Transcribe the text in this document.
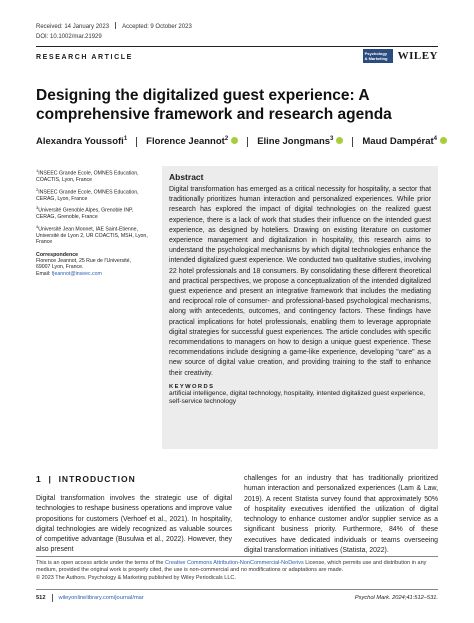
Received: 14 January 2023 Accepted: 9 October 2023
DOI: 10.1002/mar.21929
RESEARCH ARTICLE
Psychology & Marketing WILEY
Designing the digitalized guest experience: A comprehensive framework and research agenda
Alexandra Youssofi$^1$ Florence Jeannot$^2$	Eline Jongmans$^3$	Maud Dampérat$^4$

$^1$INSEEC Grande Ecole, OMNES Education, COACTIS, Lyon, France

$^2$INSEEC Grande Ecole, OMNES Education, CERAG, Lyon, France

$^3$Université Grenoble Alpes, Grenoble INP, CERAG, Grenoble, France

$^4$Université Jean Monnet, IAE Saint-Etienne, Université de Lyon 2, UR COACTIS, MSH, Lyon, France

Correspondence
Florence Jeannot, 25 Rue de l'Université,
69007 Lyon, France.
Email: fjeannot@inseec.com
Abstract
Digital transformation has emerged as a critical necessity for hospitality, a sector that traditionally prioritizes human interaction and personalized experiences. While prior research has explored the impact of digital technologies on the realized guest experience, there is a lack of work that studies their influence on the intended guest experience, as designed by hoteliers. Drawing on existing literature on customer experience management and digitalization in hospitality, this research aims to understand the psychological mechanisms by which digital technologies enhance the intended digitalized guest experience. We conducted two qualitative studies, involving 22 hotel professionals and 18 consumers. By consolidating these different theoretical and practical perspectives, we propose a conceptualization of the intended digitalized guest experience and present an integrative framework that includes the mediating and reciprocal role of consumer- and professional-based psychological mechanisms, along with antecedents, outcomes, and contingency factors. These findings have practical implications for hotel professionals, enabling them to leverage appropriate digital strategies for successful guest experiences. The article concludes with specific recommendations to managers on how to design a unique guest experience. These recommendations include designing a game-like experience, developing "care" as a new source of digital value creation, and providing training to the staff to enhance their creativity.
KEYWORDS
artificial intelligence, digital technology, hospitality, intented digitalized guest experience, self-service technology
1  |  INTRODUCTION
Digital transformation involves the strategic use of digital technologies to reshape business operations and improve value propositions for customers (Verhoef et al., 2021). In hospitality, digital technologies are widely recognized as valuable sources of competitive advantage (Busulwa et al., 2022). However, they also present
challenges for an industry that has traditionally prioritized human interaction and personalized experiences (Lam & Law, 2019). A recent Statista survey found that approximately 50% of hospitality executives identified the utilization of digital technology to enhance customer and/or supplier service as a significant business priority. Furthermore, 84% of these executives have dedicated individuals or teams overseeing digital transformation initiatives (Statista, 2022).
This is an open access article under the terms of the Creative Commons Attribution-NonCommercial-NoDerivs License, which permits use and distribution in any medium, provided the original work is properly cited, the use is non-commercial and no modifications or adaptations are made.
© 2023 The Authors. Psychology & Marketing published by Wiley Periodicals LLC.
512 wileyonlinelibrary.com/journal/mar	Psychol Mark. 2024;41:512–531.
